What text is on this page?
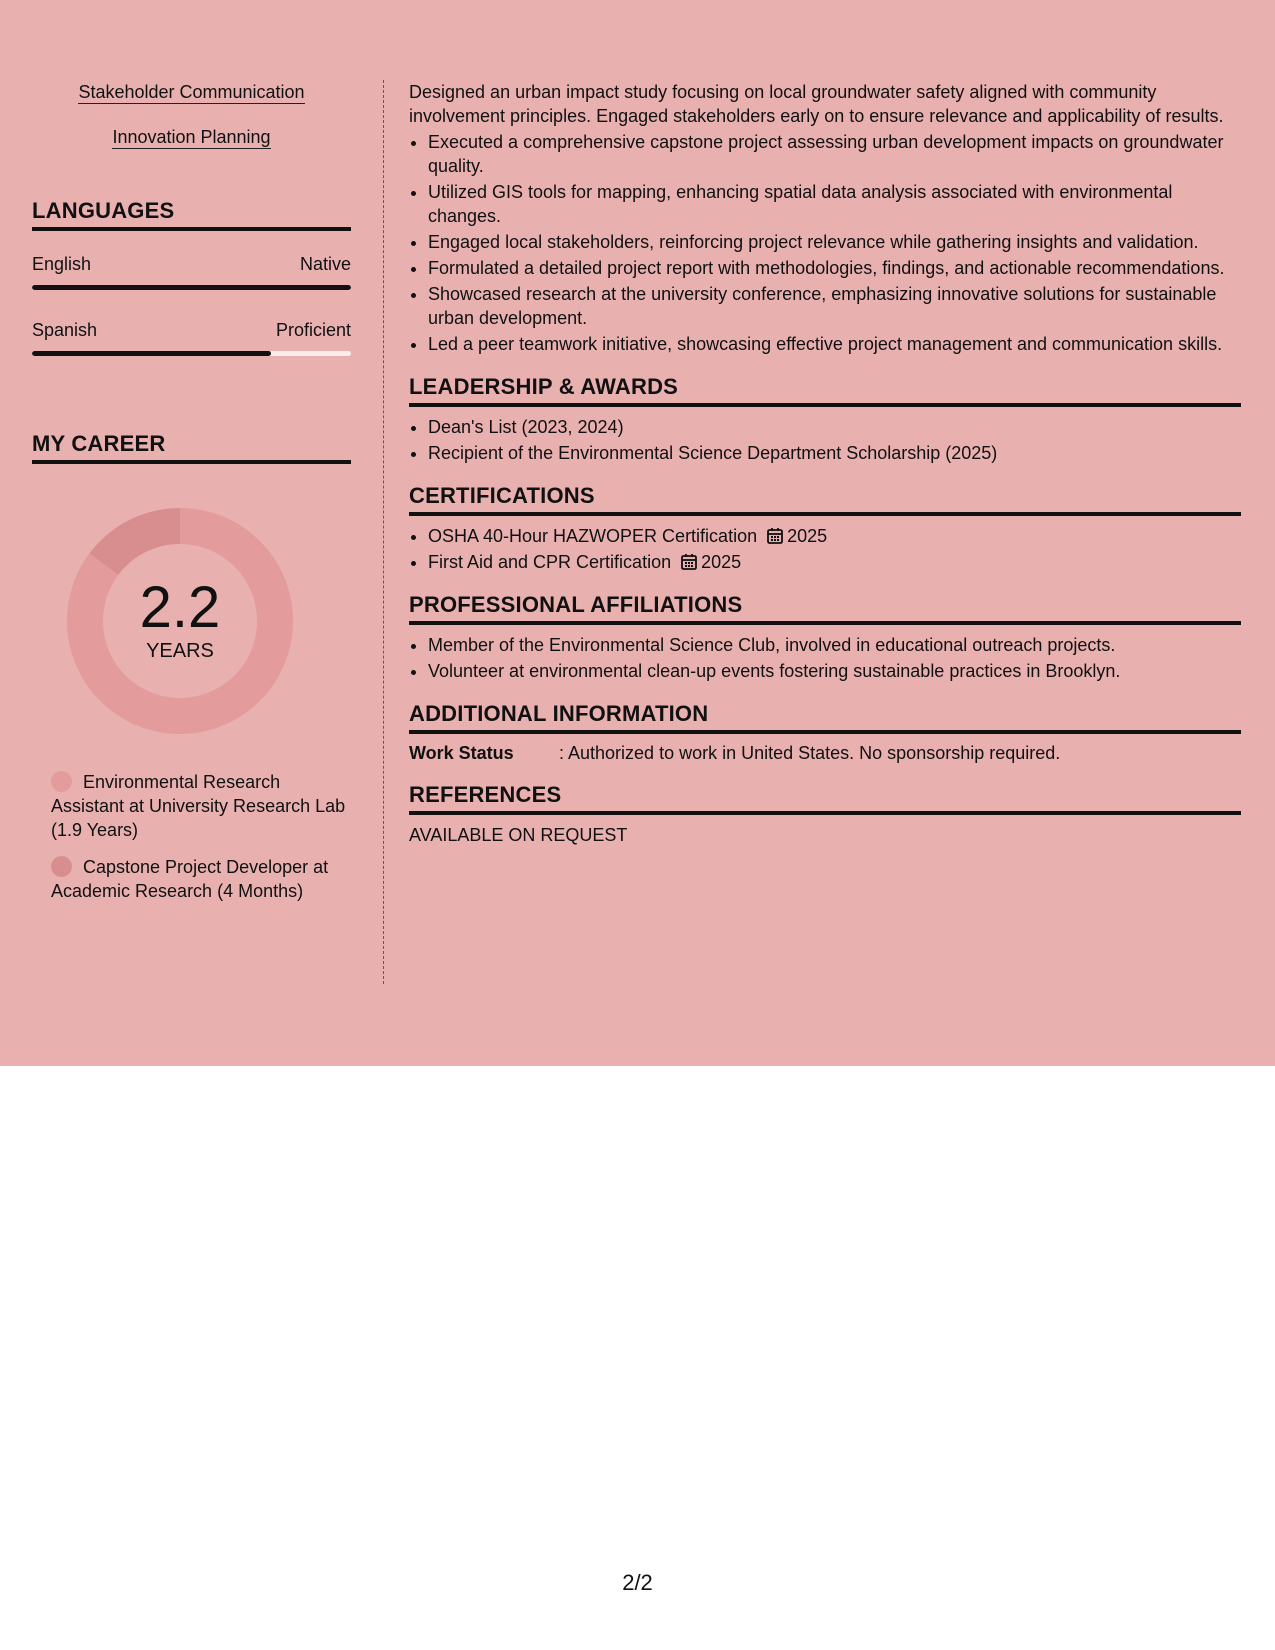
Stakeholder Communication
Innovation Planning
LANGUAGES
English	Native
Spanish	Proficient
MY CAREER
2.2
YEARS
Environmental Research Assistant at University Research Lab (1.9 Years)
Capstone Project Developer at Academic Research (4 Months)

Designed an urban impact study focusing on local groundwater safety aligned with community involvement principles. Engaged stakeholders early on to ensure relevance and applicability of results.

• Executed a comprehensive capstone project assessing urban development impacts on groundwater quality.
• Utilized GIS tools for mapping, enhancing spatial data analysis associated with environmental changes.
• Engaged local stakeholders, reinforcing project relevance while gathering insights and validation.
• Formulated a detailed project report with methodologies, findings, and actionable recommendations.
• Showcased research at the university conference, emphasizing innovative solutions for sustainable urban development.
• Led a peer teamwork initiative, showcasing effective project management and communication skills.
LEADERSHIP & AWARDS
• Dean's List (2023, 2024)
• Recipient of the Environmental Science Department Scholarship (2025)
CERTIFICATIONS
• OSHA 40-Hour HAZWOPER Certification 2025
• First Aid and CPR Certification 2025
PROFESSIONAL AFFILIATIONS
• Member of the Environmental Science Club, involved in educational outreach projects.
• Volunteer at environmental clean-up events fostering sustainable practices in Brooklyn.
ADDITIONAL INFORMATION
Work Status	: Authorized to work in United States. No sponsorship required.
REFERENCES
AVAILABLE ON REQUEST
2/2
